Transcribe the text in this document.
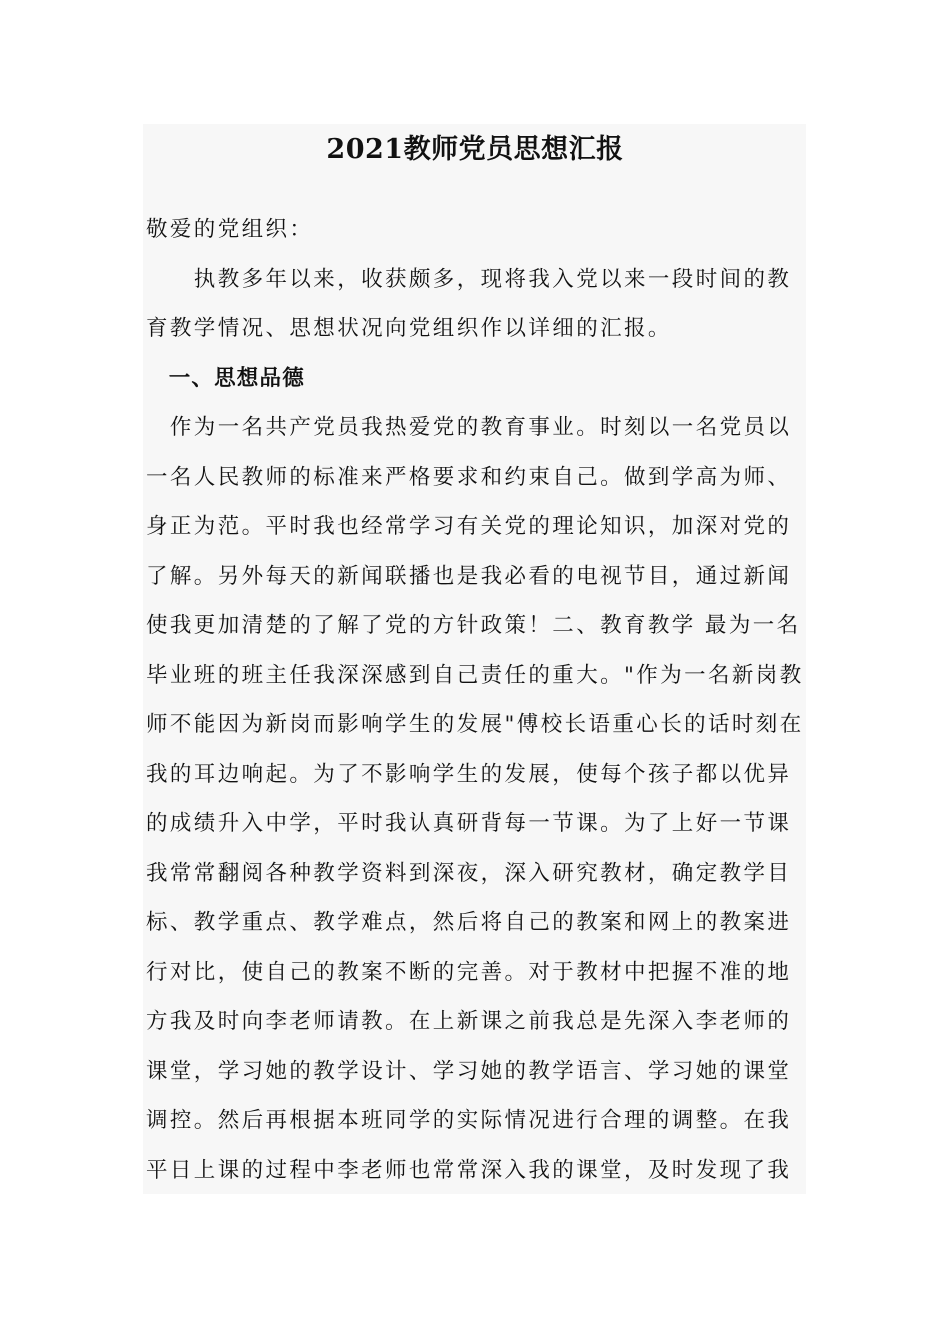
2021教师党员思想汇报
敬爱的党组织：
　　执教多年以来，收获颇多，现将我入党以来一段时间的教
育教学情况、思想状况向党组织作以详细的汇报。
　一、思想品德
　作为一名共产党员我热爱党的教育事业。时刻以一名党员以
一名人民教师的标准来严格要求和约束自己。做到学高为师、
身正为范。平时我也经常学习有关党的理论知识，加深对党的
了解。另外每天的新闻联播也是我必看的电视节目，通过新闻
使我更加清楚的了解了党的方针政策！二、教育教学 最为一名
毕业班的班主任我深深感到自己责任的重大。"作为一名新岗教
师不能因为新岗而影响学生的发展"傅校长语重心长的话时刻在
我的耳边响起。为了不影响学生的发展，使每个孩子都以优异
的成绩升入中学，平时我认真研背每一节课。为了上好一节课
我常常翻阅各种教学资料到深夜，深入研究教材，确定教学目
标、教学重点、教学难点，然后将自己的教案和网上的教案进
行对比，使自己的教案不断的完善。对于教材中把握不准的地
方我及时向李老师请教。在上新课之前我总是先深入李老师的
课堂，学习她的教学设计、学习她的教学语言、学习她的课堂
调控。然后再根据本班同学的实际情况进行合理的调整。在我
平日上课的过程中李老师也常常深入我的课堂，及时发现了我
